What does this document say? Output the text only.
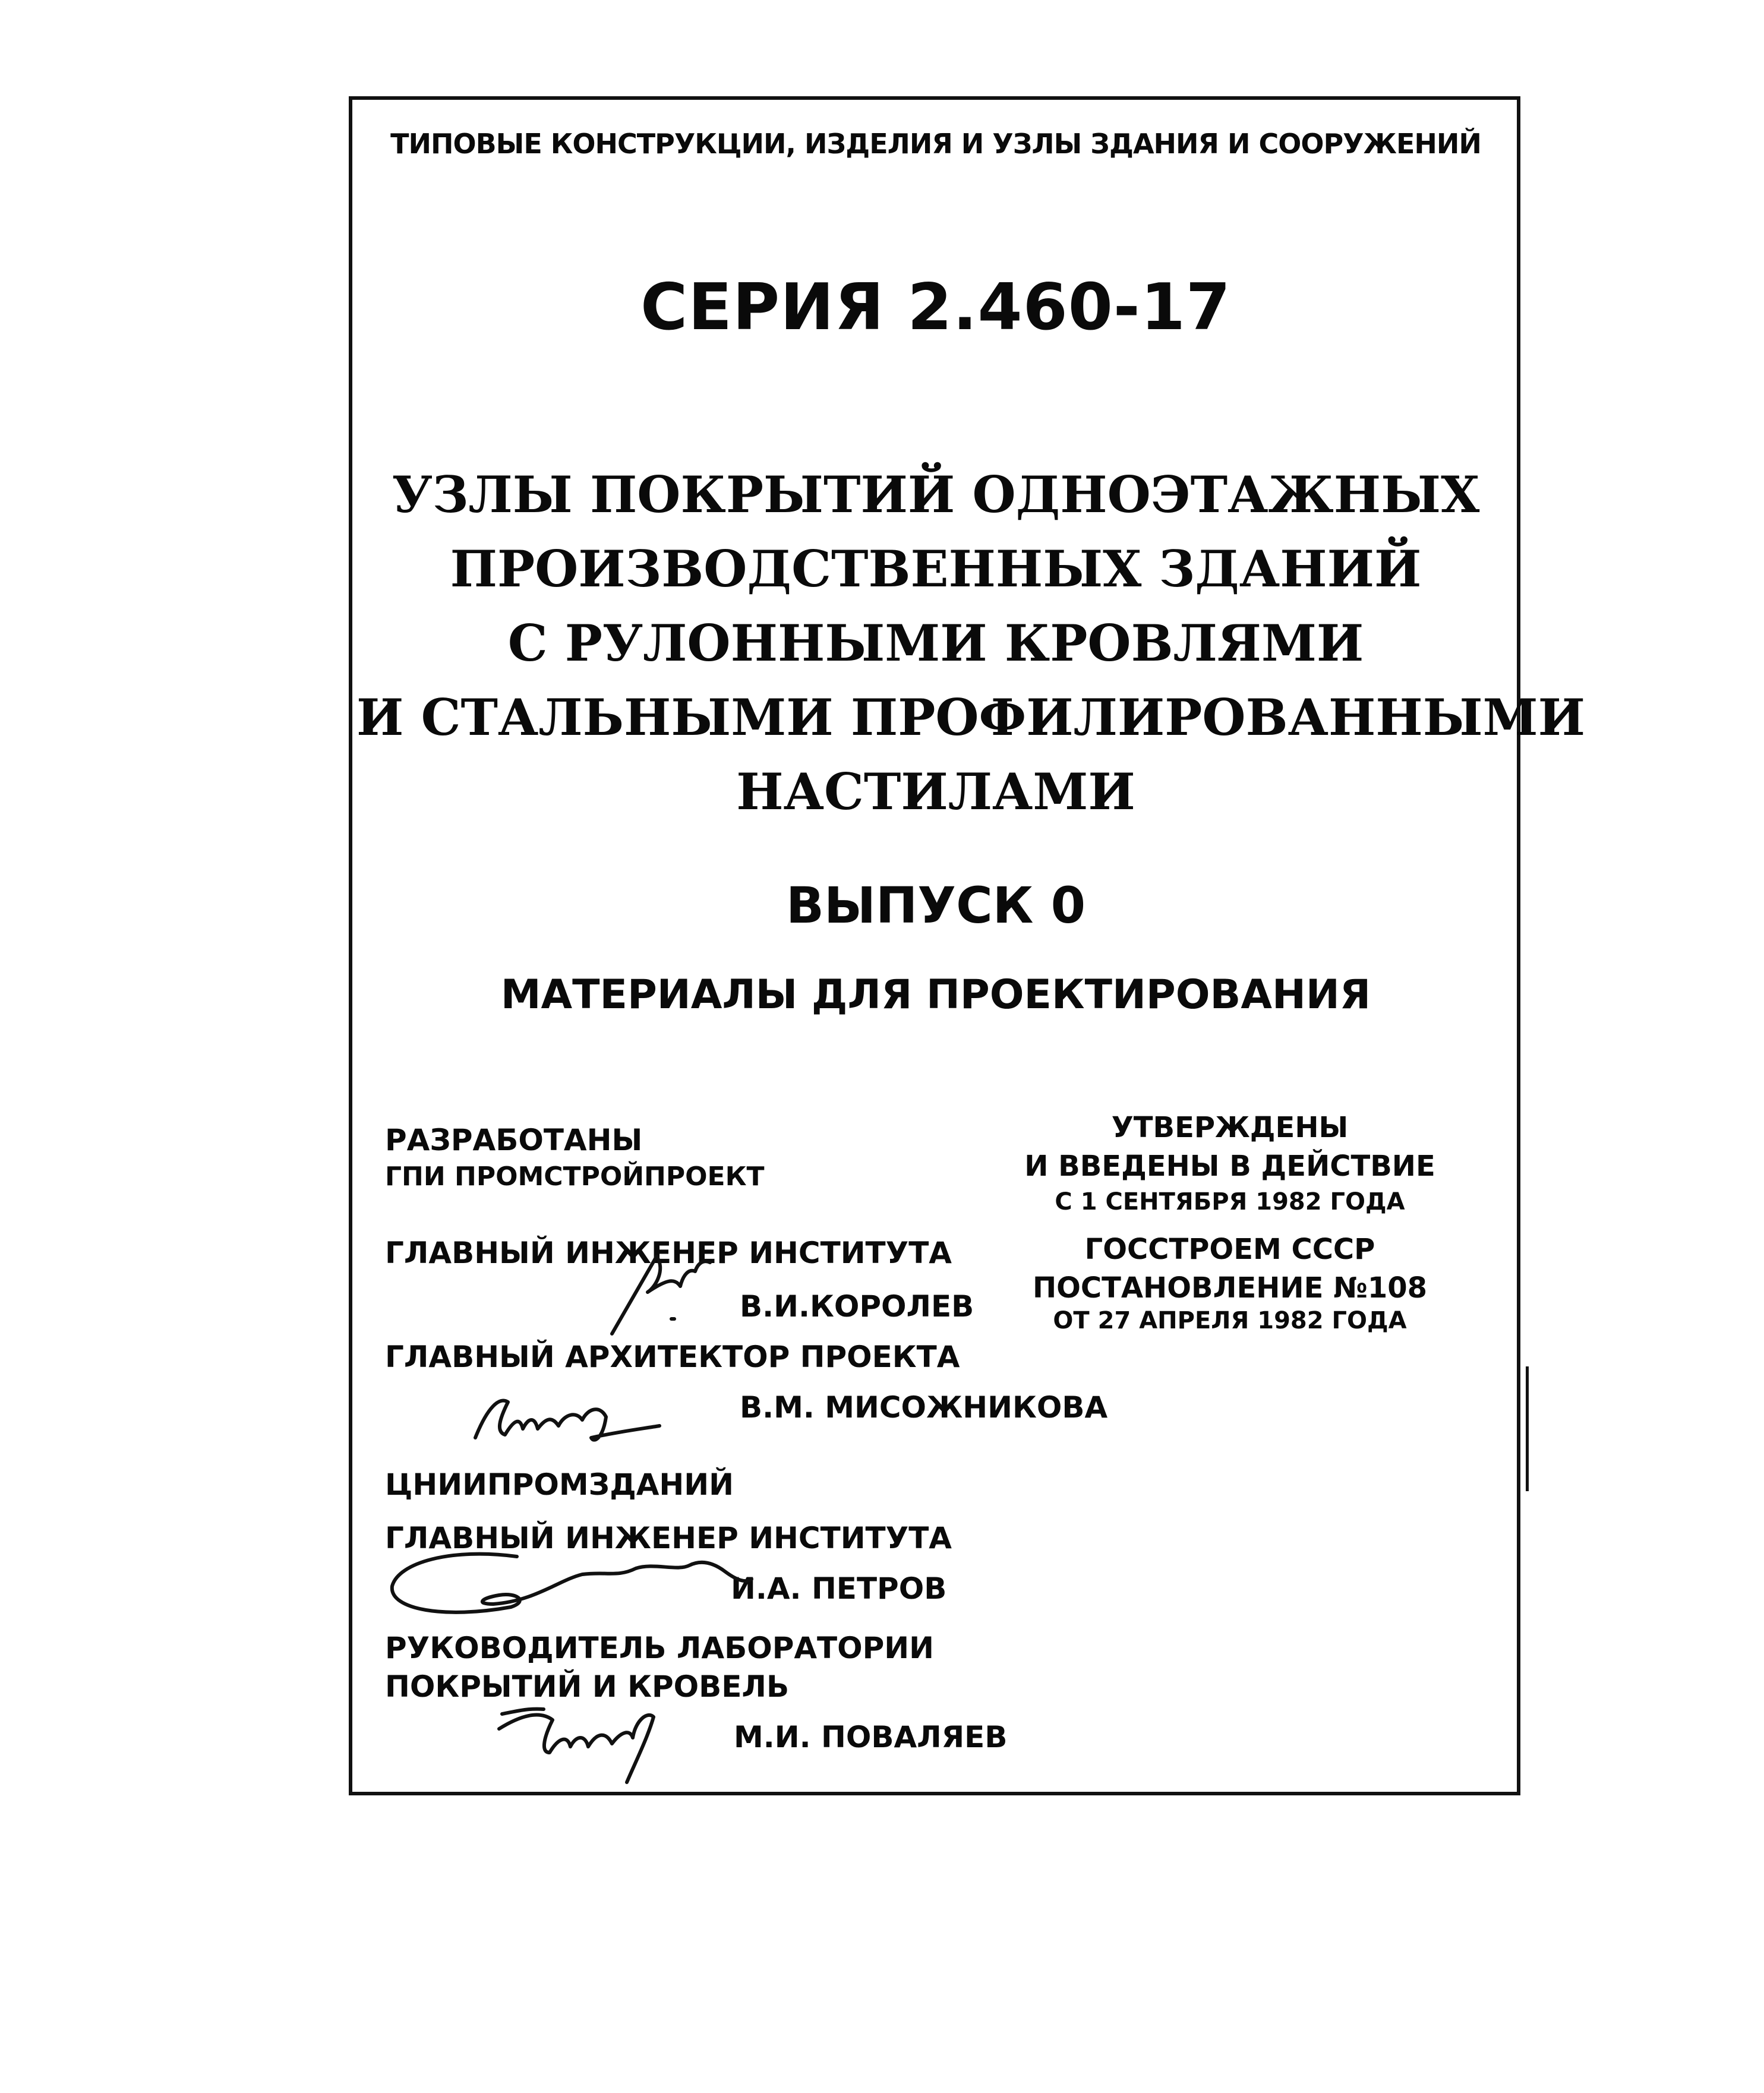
ТИПОВЫЕ КОНСТРУКЦИИ, ИЗДЕЛИЯ И УЗЛЫ ЗДАНИЯ И СООРУЖЕНИЙ

СЕРИЯ 2.460-17

УЗЛЫ ПОКРЫТИЙ ОДНОЭТАЖНЫХ
ПРОИЗВОДСТВЕННЫХ ЗДАНИЙ
С РУЛОННЫМИ КРОВЛЯМИ
И СТАЛЬНЫМИ ПРОФИЛИРОВАННЫМИ
НАСТИЛАМИ

ВЫПУСК 0

МАТЕРИАЛЫ ДЛЯ ПРОЕКТИРОВАНИЯ

РАЗРАБОТАНЫ

ГПИ ПРОМСТРОЙПРОЕКТ

ГЛАВНЫЙ ИНЖЕНЕР ИНСТИТУТА

В.И.КОРОЛЕВ

ГЛАВНЫЙ АРХИТЕКТОР ПРОЕКТА

В.М. МИСОЖНИКОВА

ЦНИИПРОМЗДАНИЙ

ГЛАВНЫЙ ИНЖЕНЕР ИНСТИТУТА

И.А. ПЕТРОВ

РУКОВОДИТЕЛЬ ЛАБОРАТОРИИ

ПОКРЫТИЙ И КРОВЕЛЬ

М.И. ПОВАЛЯЕВ

УТВЕРЖДЕНЫ

И ВВЕДЕНЫ В ДЕЙСТВИЕ

С 1 СЕНТЯБРЯ 1982 ГОДА

ГОССТРОЕМ СССР

ПОСТАНОВЛЕНИЕ №108

ОТ 27 АПРЕЛЯ 1982 ГОДА
